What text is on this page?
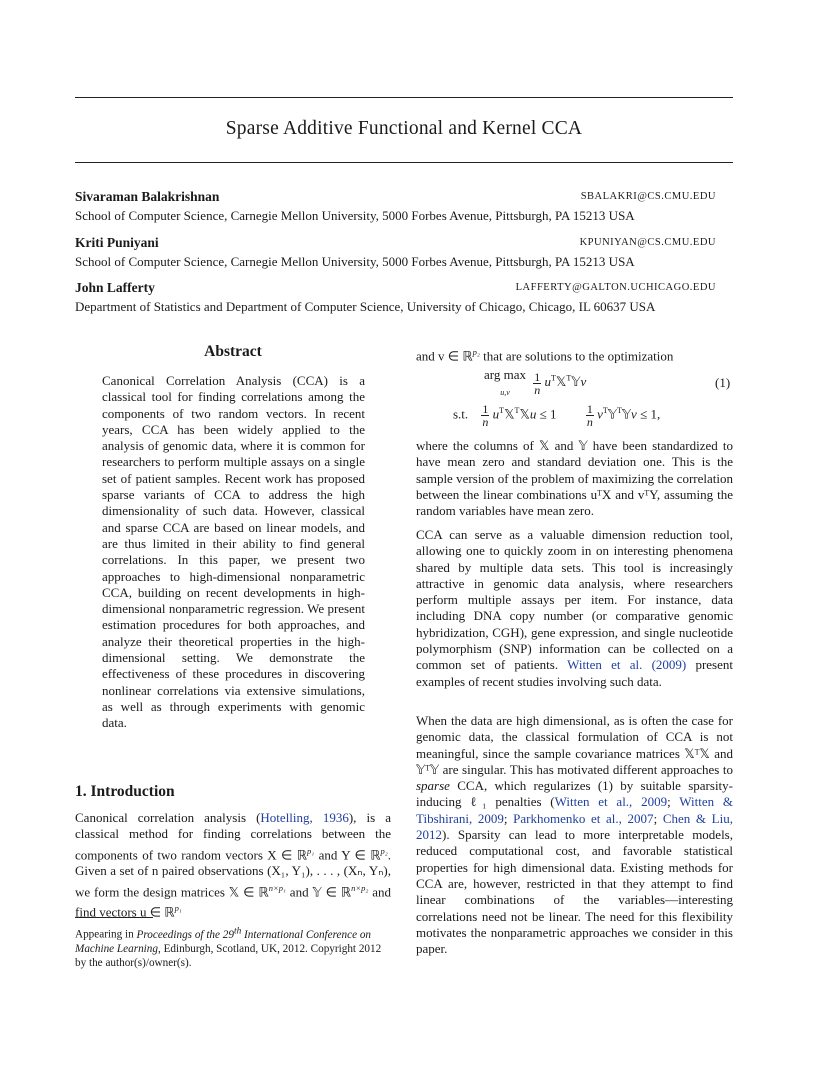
Sparse Additive Functional and Kernel CCA
Sivaraman Balakrishnan	SBALAKRI@CS.CMU.EDU
School of Computer Science, Carnegie Mellon University, 5000 Forbes Avenue, Pittsburgh, PA 15213 USA
Kriti Puniyani	KPUNIYAN@CS.CMU.EDU
School of Computer Science, Carnegie Mellon University, 5000 Forbes Avenue, Pittsburgh, PA 15213 USA
John Lafferty	LAFFERTY@GALTON.UCHICAGO.EDU
Department of Statistics and Department of Computer Science, University of Chicago, Chicago, IL 60637 USA
Abstract
Canonical Correlation Analysis (CCA) is a classical tool for finding correlations among the components of two random vectors. In recent years, CCA has been widely applied to the analysis of genomic data, where it is common for researchers to perform multiple assays on a single set of patient samples. Recent work has proposed sparse variants of CCA to address the high dimensionality of such data. However, classical and sparse CCA are based on linear models, and are thus limited in their ability to find general correlations. In this paper, we present two approaches to high-dimensional nonparametric CCA, building on recent developments in high-dimensional nonparametric regression. We present estimation procedures for both approaches, and analyze their theoretical properties in the high-dimensional setting. We demonstrate the effectiveness of these procedures in discovering nonlinear correlations via extensive simulations, as well as through experiments with genomic data.
1. Introduction
Canonical correlation analysis (Hotelling, 1936), is a classical method for finding correlations between the components of two random vectors X ∈ ℝ$^{p_1}$ and Y ∈ ℝ$^{p_2}$. Given a set of n paired observations (X₁, Y₁), . . . , (Xₙ, Yₙ), we form the design matrices 𝕏 ∈ ℝ$^{n\times p_1}$ and 𝕐 ∈ ℝ$^{n\times p_2}$ and find vectors u ∈ ℝ$^{p_1}$
Appearing in Proceedings of the 29th International Conference on Machine Learning, Edinburgh, Scotland, UK, 2012. Copyright 2012 by the author(s)/owner(s).
and v ∈ ℝ$^{p_2}$ that are solutions to the optimization
arg max
$u,v \frac{1}{n}$ $u^T𝕏^T𝕐v$	(1)
s.t. $\frac{1}{n}$ $u^T𝕏^T𝕏u \le 1 \frac{1}{n}$ $v^T𝕐^T𝕐v \le 1$,
where the columns of 𝕏 and 𝕐 have been standardized to have mean zero and standard deviation one. This is the sample version of the problem of maximizing the correlation between the linear combinations uᵀX and vᵀY, assuming the random variables have mean zero.
CCA can serve as a valuable dimension reduction tool, allowing one to quickly zoom in on interesting phenomena shared by multiple data sets. This tool is increasingly attractive in genomic data analysis, where researchers perform multiple assays per item. For instance, data including DNA copy number (or comparative genomic hybridization, CGH), gene expression, and single nucleotide polymorphism (SNP) information can be collected on a common set of patients. Witten et al. (2009) present examples of recent studies involving such data.
When the data are high dimensional, as is often the case for genomic data, the classical formulation of CCA is not meaningful, since the sample covariance matrices 𝕏ᵀ𝕏 and 𝕐ᵀ𝕐 are singular. This has motivated different approaches to sparse CCA, which regularizes (1) by suitable sparsity-inducing ℓ₁ penalties (Witten et al., 2009; Witten & Tibshirani, 2009; Parkhomenko et al., 2007; Chen & Liu, 2012). Sparsity can lead to more interpretable models, reduced computational cost, and favorable statistical properties for high dimensional data. Existing methods for CCA are, however, restricted in that they attempt to find linear combinations of the variables—interesting correlations need not be linear. The need for this flexibility motivates the nonparametric approaches we consider in this paper.
